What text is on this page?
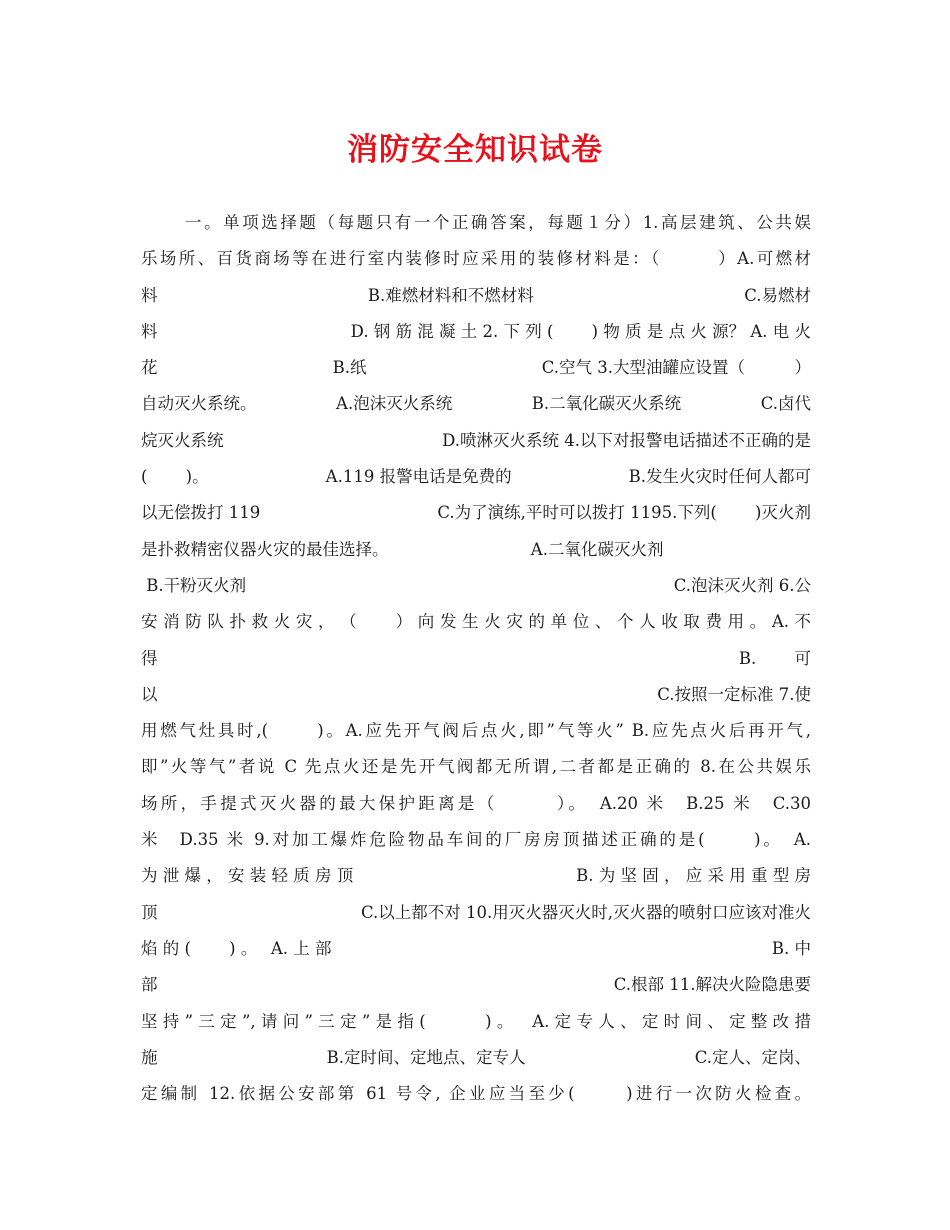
消防安全知识试卷
一。单项选择题（每题只有一个正确答案，每题１分）1.高层建筑、公共娱
乐场所、百货商场等在进行室内装修时应采用的装修材料是：（　　　）A.可燃材
料	B.难燃材料和不燃材料	C.易燃材
料	D. 钢 筋 混 凝 土 2. 下 列 (　　 ) 物 质 是 点 火 源？ A. 电 火
花	B.纸	C.空气 3.大型油罐应设置（　　　）
自动灭火系统。	A.泡沫灭火系统	B.二氧化碳灭火系统	C.卤代
烷灭火系统	D.喷淋灭火系统 4.以下对报警电话描述不正确的是
(　　 )。	A.119 报警电话是免费的	B.发生火灾时任何人都可
以无偿拨打 119	C.为了演练,平时可以拨打 1195.下列(　　 )灭火剂
是扑救精密仪器火灾的最佳选择。	A.二氧化碳灭火剂

B.干粉灭火剂	C.泡沫灭火剂 6.公
安 消 防 队 扑 救 火 灾 ， （　　 ） 向 发 生 火 灾 的 单 位 、 个 人 收 取 费 用 。 A. 不
得	B.　　 可
以	C.按照一定标准 7.使
用燃气灶具时,(　　 )。A.应先开气阀后点火,即”气等火” B.应先点火后再开气,
即”火等气”者说 C 先点火还是先开气阀都无所谓,二者都是正确的 8.在公共娱乐
场所，手提式灭火器的最大保护距离是（　　　）。　A.20 米　B.25 米　C.30
米　D.35 米 9.对加工爆炸危险物品车间的厂房房顶描述正确的是(　　 )。　A.
为 泄 爆 ， 安 装 轻 质 房 顶	B. 为 坚 固 ， 应 采 用 重 型 房
顶	C.以上都不对 10.用灭火器灭火时,灭火器的喷射口应该对准火
焰 的 (　　 ) 。　 A. 上 部	B. 中
部	C.根部 11.解决火险隐患要
坚持”三定”,请问”三定”是指(　　 )。　A.定专人、定时间、定整改措
施	B.定时间、定地点、定专人	C.定人、定岗、
定编制 12.依据公安部第 61 号令, 企业应当至少(　　 )进行一次防火检查。
